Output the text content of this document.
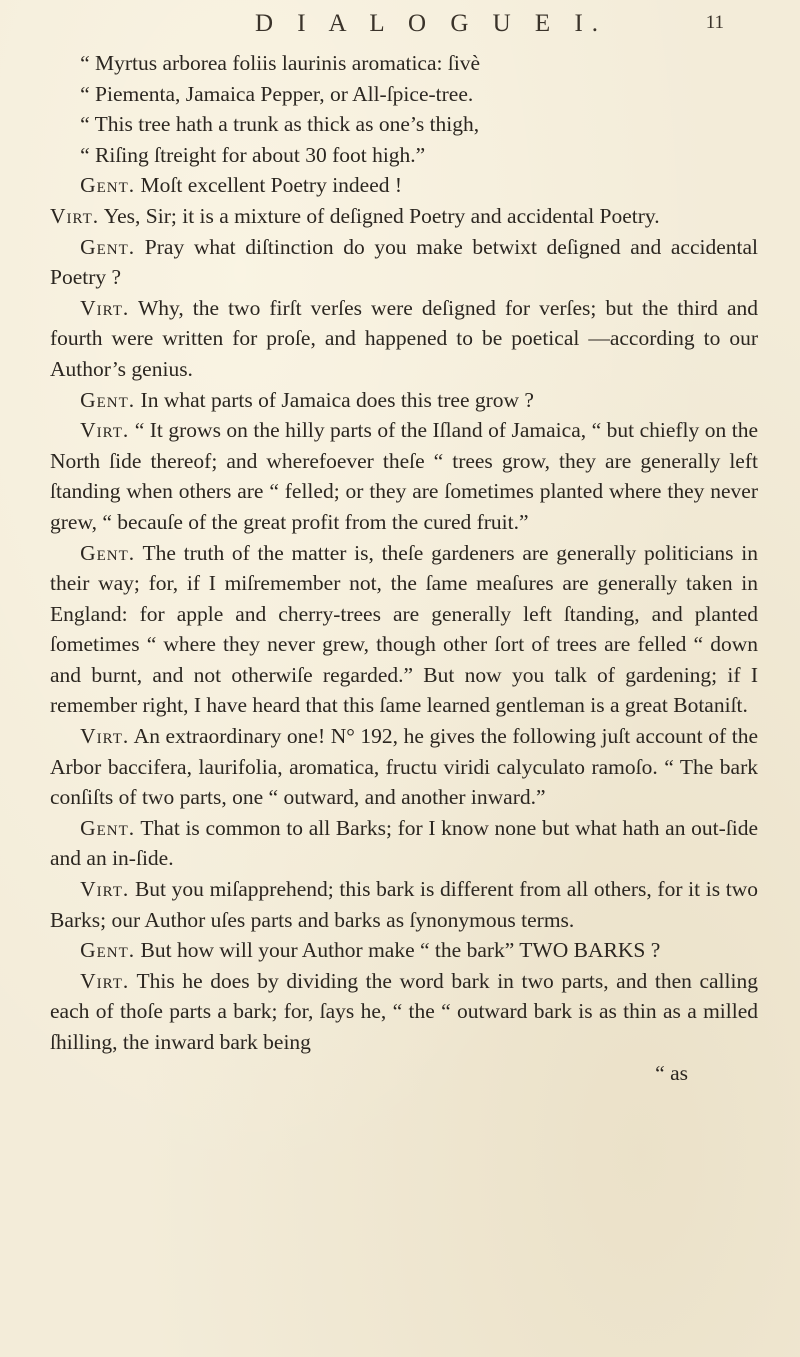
D I A L O G U E I.	11

“ Myrtus arborea foliis laurinis aromatica: ſivè

“ Piementa, Jamaica Pepper, or All-ſpice-tree.

“ This tree hath a trunk as thick as one’s thigh,

“ Riſing ſtreight for about 30 foot high.”

Gent. Moſt excellent Poetry indeed !

Virt. Yes, Sir; it is a mixture of deſigned Poetry and accidental Poetry.

Gent. Pray what diſtinction do you make betwixt deſigned and accidental Poetry ?

Virt. Why, the two firſt verſes were deſigned for verſes; but the third and fourth were written for proſe, and happened to be poetical —according to our Author’s genius.

Gent. In what parts of Jamaica does this tree grow ?

Virt. “ It grows on the hilly parts of the Iſland of Jamaica, “ but chiefly on the North ſide thereof; and wherefoever theſe “ trees grow, they are generally left ſtanding when others are “ felled; or they are ſometimes planted where they never grew, “ becauſe of the great profit from the cured fruit.”

Gent. The truth of the matter is, theſe gardeners are generally politicians in their way; for, if I miſremember not, the ſame meaſures are generally taken in England: for apple and cherry-trees are generally left ſtanding, and planted ſometimes “ where they never grew, though other ſort of trees are felled “ down and burnt, and not otherwiſe regarded.” But now you talk of gardening; if I remember right, I have heard that this ſame learned gentleman is a great Botaniſt.

Virt. An extraordinary one! N° 192, he gives the following juſt account of the Arbor baccifera, laurifolia, aromatica, fructu viridi calyculato ramoſo. “ The bark conſiſts of two parts, one “ outward, and another inward.”

Gent. That is common to all Barks; for I know none but what hath an out-ſide and an in-ſide.

Virt. But you miſapprehend; this bark is different from all others, for it is two Barks; our Author uſes parts and barks as ſynonymous terms.

Gent. But how will your Author make “ the bark” TWO BARKS ?

Virt. This he does by dividing the word bark in two parts, and then calling each of thoſe parts a bark; for, ſays he, “ the “ outward bark is as thin as a milled ſhilling, the inward bark being

“ as
